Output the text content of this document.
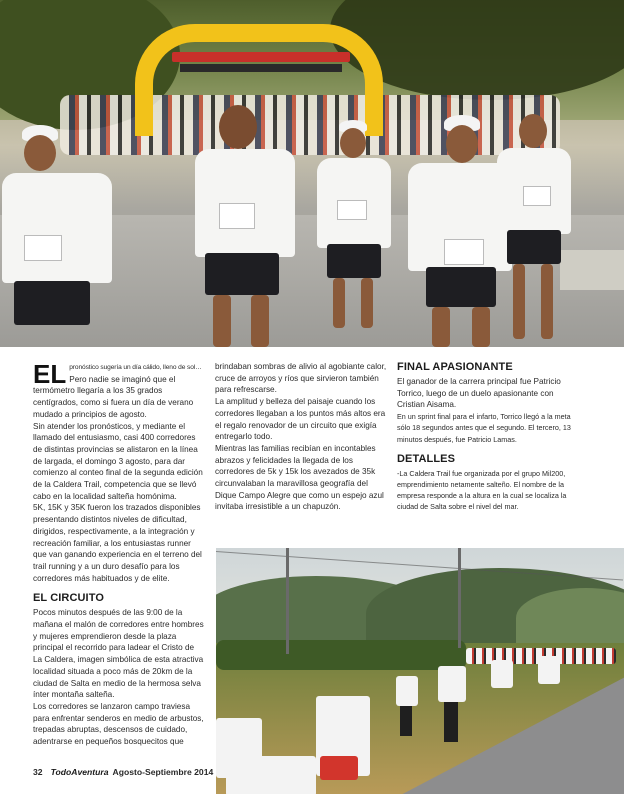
EL pronóstico sugería un día cálido, lleno de sol… Pero nadie se imaginó que el termómetro llegaría a los 35 grados centígrados, como si fuera un día de verano mudado a principios de agosto.

Sin atender los pronósticos, y mediante el llamado del entusiasmo, casi 400 corredores de distintas provincias se alistaron en la línea de largada, el domingo 3 agosto, para dar comienzo al conteo final de la segunda edición de la Caldera Trail, competencia que se llevó cabo en la localidad salteña homónima.

5K, 15K y 35K fueron los trazados disponibles presentando distintos niveles de dificultad, dirigidos, respectivamente, a la integración y recreación familiar, a los entusiastas runner que van ganando experiencia en el terreno del trail running y a un duro desafío para los corredores más habituados y de elite.

EL CIRCUITO

Pocos minutos después de las 9:00 de la mañana el malón de corredores entre hombres y mujeres emprendieron desde la plaza principal el recorrido para ladear el Cristo de La Caldera, imagen simbólica de esta atractiva localidad situada a poco más de 20km de la ciudad de Salta en medio de la hermosa selva ínter montaña salteña.

Los corredores se lanzaron campo traviesa para enfrentar senderos en medio de arbustos, trepadas abruptas, descensos de cuidado, adentrarse en pequeños bosquecitos que

brindaban sombras de alivio al agobiante calor, cruce de arroyos y ríos que sirvieron también para refrescarse.

La amplitud y belleza del paisaje cuando los corredores llegaban a los puntos más altos era el regalo renovador de un circuito que exigía entregarlo todo.

Mientras las familias recibían en incontables abrazos y felicidades la llegada de los corredores de 5k y 15k los avezados de 35k circunvalaban la maravillosa geografía del Dique Campo Alegre que como un espejo azul invitaba irresistible a un chapuzón.

FINAL APASIONANTE

El ganador de la carrera principal fue Patricio Torrico, luego de un duelo apasionante con Cristian Aisama.

En un sprint final para el infarto, Torrico llegó a la meta sólo 18 segundos antes que el segundo. El tercero, 13 minutos después, fue Patricio Lamas.

DETALLES

-La Caldera Trail fue organizada por el grupo Mil200, emprendimiento netamente salteño. El nombre de la empresa responde a la altura en la cual se localiza la ciudad de Salta sobre el nivel del mar.

32 TodoAventura Agosto-Septiembre 2014
